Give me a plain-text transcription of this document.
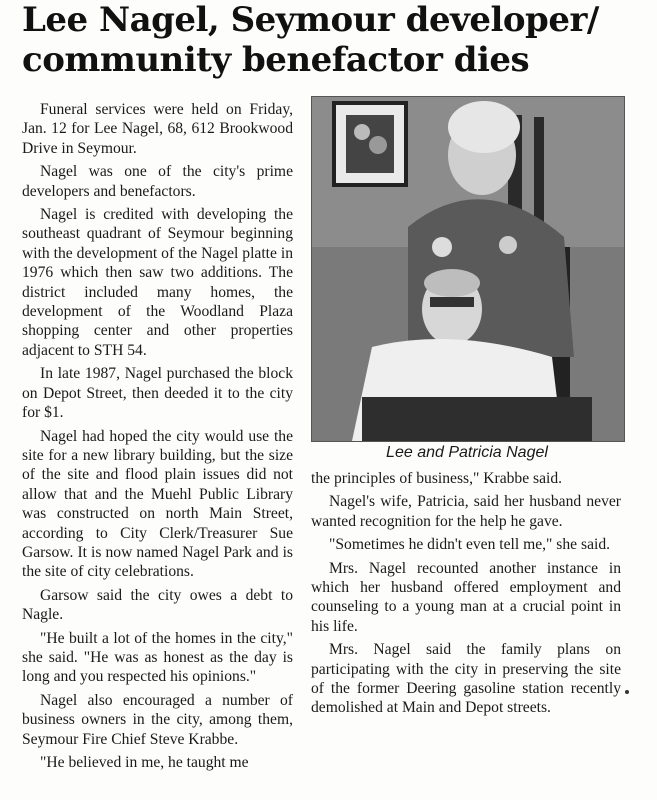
Lee Nagel, Seymour developer/
community benefactor dies

Funeral services were held on Friday, Jan. 12 for Lee Nagel, 68, 612 Brookwood Drive in Seymour.

Nagel was one of the city's prime developers and benefactors.

Nagel is credited with developing the southeast quadrant of Seymour beginning with the development of the Nagel platte in 1976 which then saw two additions. The district included many homes, the development of the Woodland Plaza shopping center and other properties adjacent to STH 54.

In late 1987, Nagel purchased the block on Depot Street, then deeded it to the city for $1.

Nagel had hoped the city would use the site for a new library building, but the size of the site and flood plain issues did not allow that and the Muehl Public Library was constructed on north Main Street, according to City Clerk/Treasurer Sue Garsow. It is now named Nagel Park and is the site of city celebrations.

Garsow said the city owes a debt to Nagle.

"He built a lot of the homes in the city," she said. "He was as honest as the day is long and you respected his opinions."

Nagel also encouraged a number of business owners in the city, among them, Seymour Fire Chief Steve Krabbe.

"He believed in me, he taught me

Lee and Patricia Nagel

the principles of business," Krabbe said.

Nagel's wife, Patricia, said her husband never wanted recognition for the help he gave.

"Sometimes he didn't even tell me," she said.

Mrs. Nagel recounted another instance in which her husband offered employment and counseling to a young man at a crucial point in his life.

Mrs. Nagel said the family plans on participating with the city in preserving the site of the former Deering gasoline station recently demolished at Main and Depot streets.
